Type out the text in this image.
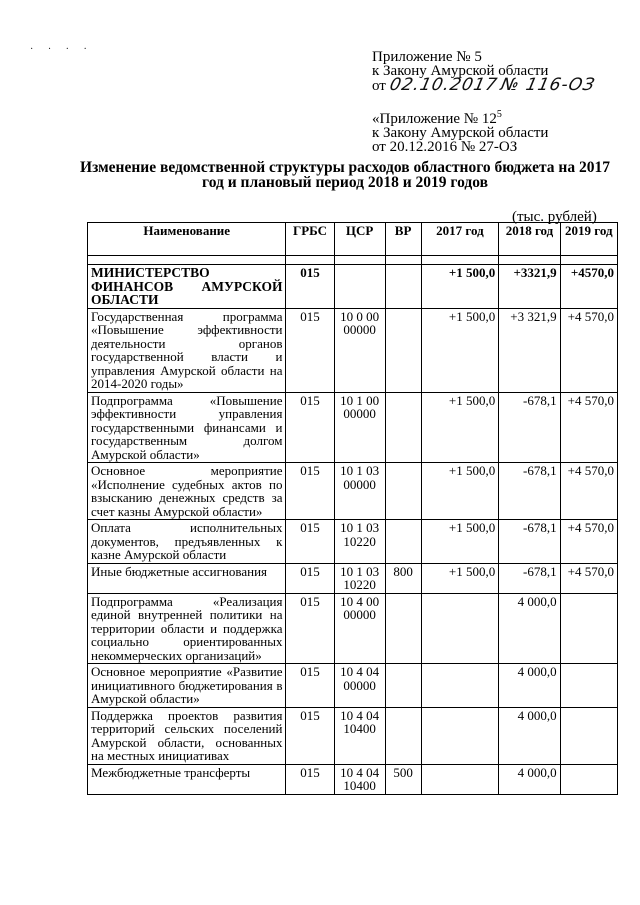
· · · ·	Приложение № 5
к Закону Амурской области
от 02.10.2017 № 116-ОЗ
«Приложение № $12^5$
к Закону Амурской области
от 20.12.2016 № 27-ОЗ
Изменение ведомственной структуры расходов областного бюджета на 2017 год и плановый период 2018 и 2019 годов
(тыс. рублей)
Наименование	ГРБС	ЦСР	ВР	2017 год	2018 год	2019 год

МИНИСТЕРСТВО ФИНАНСОВ АМУРСКОЙ ОБЛАСТИ	015			+1 500,0	+3321,9	+4570,0
Государственная программа «Повышение эффективности деятельности органов государственной власти и управления Амурской области на 2014-2020 годы»	015	10 0 00 00000		+1 500,0	+3 321,9	+4 570,0
Подпрограмма «Повышение эффективности управления государственными финансами и государственным долгом Амурской области»	015	10 1 00 00000		+1 500,0	-678,1	+4 570,0
Основное мероприятие «Исполнение судебных актов по взысканию денежных средств за счет казны Амурской области»	015	10 1 03 00000		+1 500,0	-678,1	+4 570,0
Оплата исполнительных документов, предъявленных к казне Амурской области	015	10 1 03 10220		+1 500,0	-678,1	+4 570,0
Иные бюджетные ассигнования	015	10 1 03 10220	800	+1 500,0	-678,1	+4 570,0
Подпрограмма «Реализация единой внутренней политики на территории области и поддержка социально ориентированных некоммерческих организаций»	015	10 4 00 00000			4 000,0	
Основное мероприятие «Развитие инициативного бюджетирования в Амурской области»	015	10 4 04 00000			4 000,0	
Поддержка проектов развития территорий сельских поселений Амурской области, основанных на местных инициативах	015	10 4 04 10400			4 000,0	
Межбюджетные трансферты	015	10 4 04 10400	500		4 000,0	
